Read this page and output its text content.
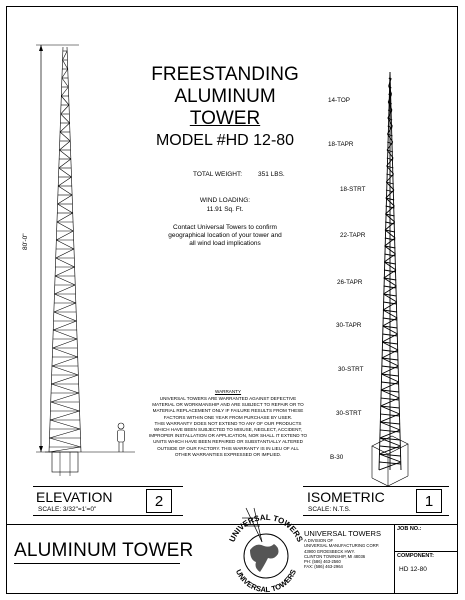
80'-0"
FREESTANDING
ALUMINUM
TOWER
MODEL #HD 12-80
TOTAL WEIGHT: 351 LBS.
WIND LOADING:
11.91 Sq. Ft.
Contact Universal Towers to confirm
geographical location of your tower and
all wind load implications
WARRANTY
UNIVERSAL TOWERS ARE WARRANTED AGAINST DEFECTIVE
MATERIAL OR WORKMANSHIP AND ARE SUBJECT TO REPAIR OR TO
MATERIAL REPLACEMENT ONLY IF FAILURE RESULTS FROM THESE
FACTORS WITHIN ONE YEAR FROM PURCHASE BY USER.
THIS WARRANTY DOES NOT EXTEND TO ANY OF OUR PRODUCTS
WHICH HAVE BEEN SUBJECTED TO MISUSE, NEGLECT, ACCIDENT,
IMPROPER INSTALLATION OR APPLICATION, NOR SHALL IT EXTEND TO
UNITS WHICH HAVE BEEN REPAIRED OR SUBSTANTIALLY ALTERED
OUTSIDE OF OUR FACTORY. THIS WARRANTY IS IN LIEU OF ALL
OTHER WARRANTIES EXPRESSED OR IMPLIED.
14-TOP
18-TAPR
18-STRT
22-TAPR
26-TAPR
30-TAPR
30-STRT
30-STRT
B-30
ELEVATION
SCALE: 3/32"=1'=0"	2	ISOMETRIC
SCALE: N.T.S.	1
ALUMINUM TOWER
UNIVERSAL TOWERS
UNIVERSAL TOWERS
UNIVERSAL TOWERS
A DIVISION OF
UNIVERSAL MANUFACTURING CORP.
43900 GROESBECK HWY.
CLINTON TOWNSHIP, MI 48036
PH: (586) 463-2560
FAX: (586) 463-2964
JOB NO.:
COMPONENT:
HD 12-80
